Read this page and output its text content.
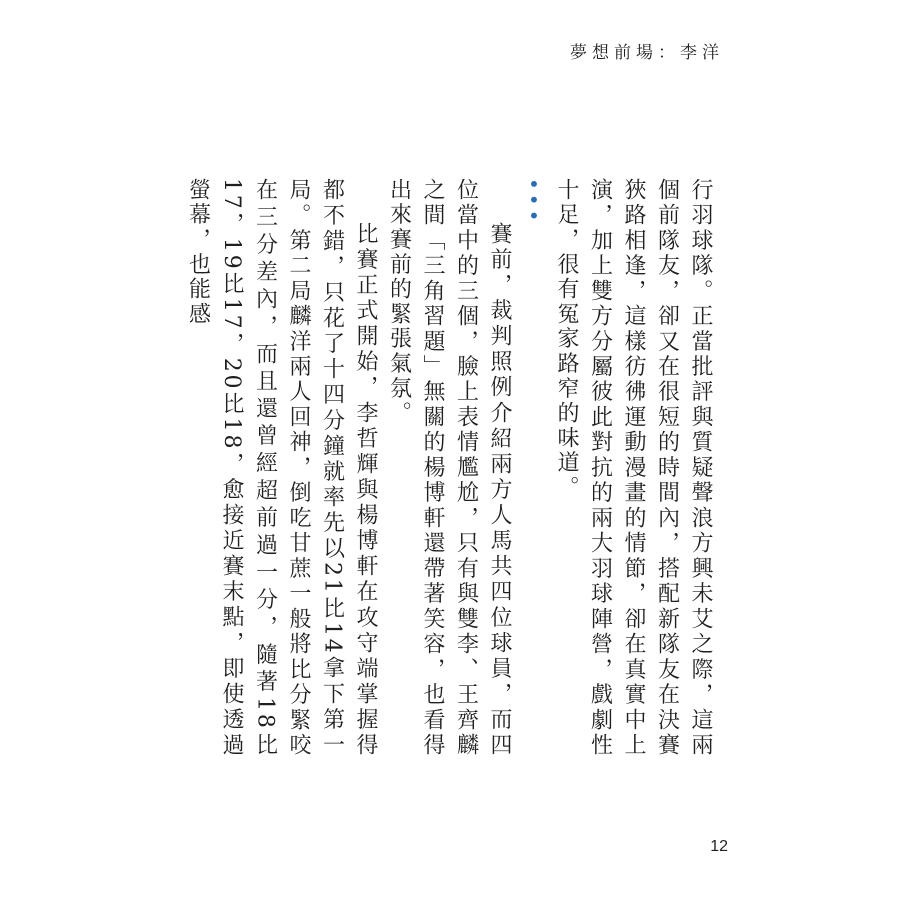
夢想前場：李洋

行羽球隊。正當批評與質疑聲浪方興未艾之際，這兩個前隊友，卻又在很短的時間內，搭配新隊友在決賽狹路相逢，這樣彷彿運動漫畫的情節，卻在真實中上演，加上雙方分屬彼此對抗的兩大羽球陣營，戲劇性十足，很有冤家路窄的味道。

•••

賽前，裁判照例介紹兩方人馬共四位球員，而四位當中的三個，臉上表情尷尬，只有與雙李、王齊麟之間「三角習題」無關的楊博軒還帶著笑容，也看得出來賽前的緊張氣氛。

比賽正式開始，李哲輝與楊博軒在攻守端掌握得都不錯，只花了十四分鐘就率先以21比14拿下第一局。第二局麟洋兩人回神，倒吃甘蔗一般將比分緊咬在三分差內，而且還曾經超前過一分，隨著18比17，19比17，20比18，愈接近賽末點，即使透過螢幕，也能感

12
